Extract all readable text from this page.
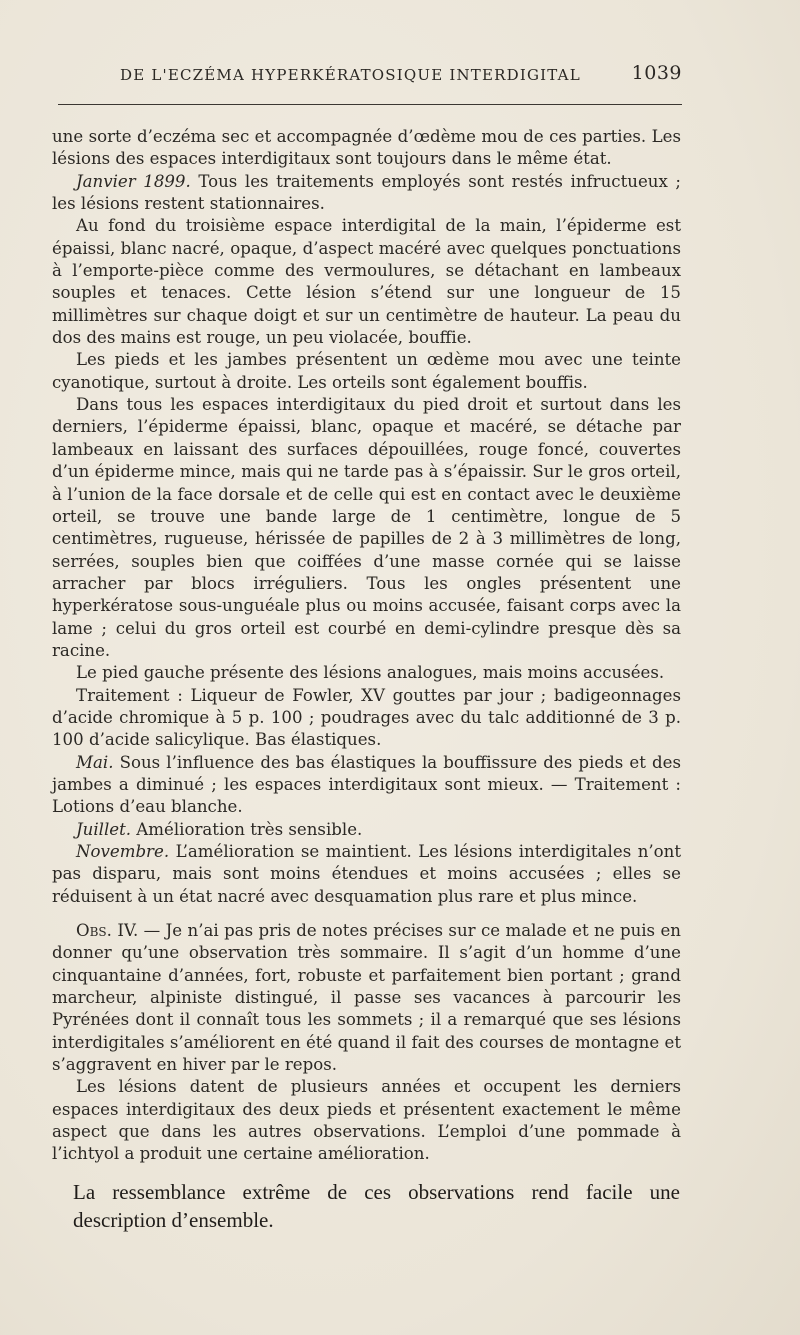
DE L'ECZÉMA HYPERKÉRATOSIQUE INTERDIGITAL	1039

une sorte d’eczéma sec et accompagnée d’œdème mou de ces parties. Les lésions des espaces interdigitaux sont toujours dans le même état.

Janvier 1899. Tous les traitements employés sont restés infructueux ; les lésions restent stationnaires.

Au fond du troisième espace interdigital de la main, l’épiderme est épaissi, blanc nacré, opaque, d’aspect macéré avec quelques ponctuations à l’emporte-pièce comme des vermoulures, se détachant en lambeaux souples et tenaces. Cette lésion s’étend sur une longueur de 15 millimètres sur chaque doigt et sur un centimètre de hauteur. La peau du dos des mains est rouge, un peu violacée, bouffie.

Les pieds et les jambes présentent un œdème mou avec une teinte cyanotique, surtout à droite. Les orteils sont également bouffis.

Dans tous les espaces interdigitaux du pied droit et surtout dans les derniers, l’épiderme épaissi, blanc, opaque et macéré, se détache par lambeaux en laissant des surfaces dépouillées, rouge foncé, couvertes d’un épiderme mince, mais qui ne tarde pas à s’épaissir. Sur le gros orteil, à l’union de la face dorsale et de celle qui est en contact avec le deuxième orteil, se trouve une bande large de 1 centimètre, longue de 5 centimètres, rugueuse, hérissée de papilles de 2 à 3 millimètres de long, serrées, souples bien que coiffées d’une masse cornée qui se laisse arracher par blocs irréguliers. Tous les ongles présentent une hyperkératose sous-unguéale plus ou moins accusée, faisant corps avec la lame ; celui du gros orteil est courbé en demi-cylindre presque dès sa racine.

Le pied gauche présente des lésions analogues, mais moins accusées.

Traitement : Liqueur de Fowler, XV gouttes par jour ; badigeonnages d’acide chromique à 5 p. 100 ; poudrages avec du talc additionné de 3 p. 100 d’acide salicylique. Bas élastiques.

Mai. Sous l’influence des bas élastiques la bouffissure des pieds et des jambes a diminué ; les espaces interdigitaux sont mieux. — Traitement : Lotions d’eau blanche.

Juillet. Amélioration très sensible.

Novembre. L’amélioration se maintient. Les lésions interdigitales n’ont pas disparu, mais sont moins étendues et moins accusées ; elles se réduisent à un état nacré avec desquamation plus rare et plus mince.

Obs. IV. — Je n’ai pas pris de notes précises sur ce malade et ne puis en donner qu’une observation très sommaire. Il s’agit d’un homme d’une cinquantaine d’années, fort, robuste et parfaitement bien portant ; grand marcheur, alpiniste distingué, il passe ses vacances à parcourir les Pyrénées dont il connaît tous les sommets ; il a remarqué que ses lésions interdigitales s’améliorent en été quand il fait des courses de montagne et s’aggravent en hiver par le repos.

Les lésions datent de plusieurs années et occupent les derniers espaces interdigitaux des deux pieds et présentent exactement le même aspect que dans les autres observations. L’emploi d’une pommade à l’ichtyol a produit une certaine amélioration.

La ressemblance extrême de ces observations rend facile une description d’ensemble.
